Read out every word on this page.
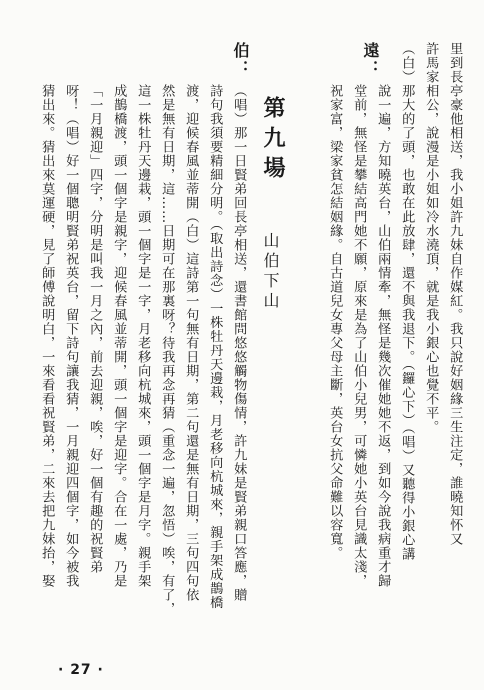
遠：	里到長亭豪他相送，我小姐許九妹自作媒紅。我只說好姻緣三生注定，誰曉知怀又
許馬家相公，說漫是小姐如冷水澆頂，就是我小銀心也覺不平。
（白）那大的了頭，也敢在此放肆，還不與我退下。（鑼心下）（唱）又聽得小銀心講
說一遍，方知曉英台，山伯兩情牽，無怪是幾次催她她不返，到如今說我病重才歸
堂前，無怪是攀結高門她不願，原來是為了山伯小兒男，可憐她小英台見識太淺，
祝家富，梁家貧怎結姻緣。自古道兒女專父母主斷，英台女抗父命難以容寬。
第九場
山伯下山
伯：
（唱）那一日賢弟回長亭相送，還書館問悠悠觸物傷情，許九妹是賢弟親口答應，贈
詩句我須要精細分明。（取出詩念）一株牡丹天邊栽，月老移向杭城來，親手架成鵲橋
渡，迎候春風並蒂開（白）這詩第一句無有日期，第二句還是無有日期，三句四句依
然是無有日期，這……日期可在那裏呀？待我再念再猜（重念一遍，忽悟）唉，有了，
這一株牡丹天邊栽，頭一個字是一字，月老移向杭城來，頭一個字是月字。親手架
成鵲橋渡，頭一個字是親字，迎候春風並蒂開，頭一個字是迎字。合在一處，乃是
「一月親迎」四字，分明是叫我一月之內，前去迎親，唉，好一個有趣的祝賢弟
呀！（唱）好一個聰明賢弟祝英台，留下詩句讓我猜，一月親迎四個字，如今被我
猜出來。猜出來莫運硬，見了師傅說明白，一來看看祝賢弟，二來去把九妹抬，娶
· 27 ·
